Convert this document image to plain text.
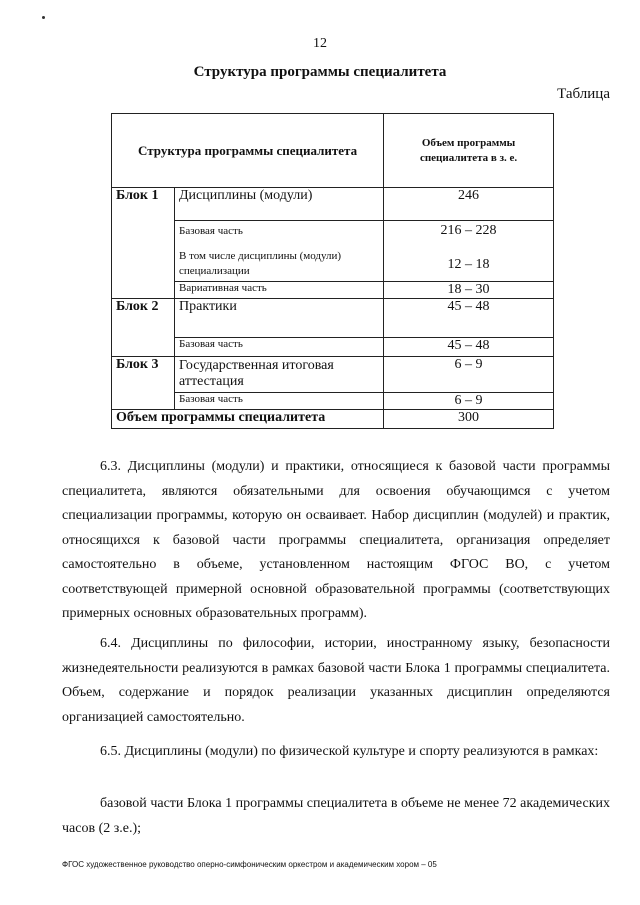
12
Структура программы специалитета
Таблица
Структура программы специалитета		Объем программы специалитета в з. е.
Блок 1	Дисциплины (модули)	246
	Базовая часть	216 – 228
	В том числе дисциплины (модули) специализации	12 – 18
	Вариативная часть	18 – 30
Блок 2	Практики	45 – 48
	Базовая часть	45 – 48
Блок 3	Государственная итоговая аттестация	6 – 9
	Базовая часть	6 – 9
Объем программы специалитета		300

6.3. Дисциплины (модули) и практики, относящиеся к базовой части программы специалитета, являются обязательными для освоения обучающимся с учетом специализации программы, которую он осваивает. Набор дисциплин (модулей) и практик, относящихся к базовой части программы специалитета, организация определяет самостоятельно в объеме, установленном настоящим ФГОС ВО, с учетом соответствующей примерной основной образовательной программы (соответствующих примерных основных образовательных программ).

6.4. Дисциплины по философии, истории, иностранному языку, безопасности жизнедеятельности реализуются в рамках базовой части Блока 1 программы специалитета. Объем, содержание и порядок реализации указанных дисциплин определяются организацией самостоятельно.

6.5. Дисциплины (модули) по физической культуре и спорту реализуются в рамках:

базовой части Блока 1 программы специалитета в объеме не менее 72 академических часов (2 з.е.);

ФГОС художественное руководство оперно-симфоническим оркестром и академическим хором – 05
